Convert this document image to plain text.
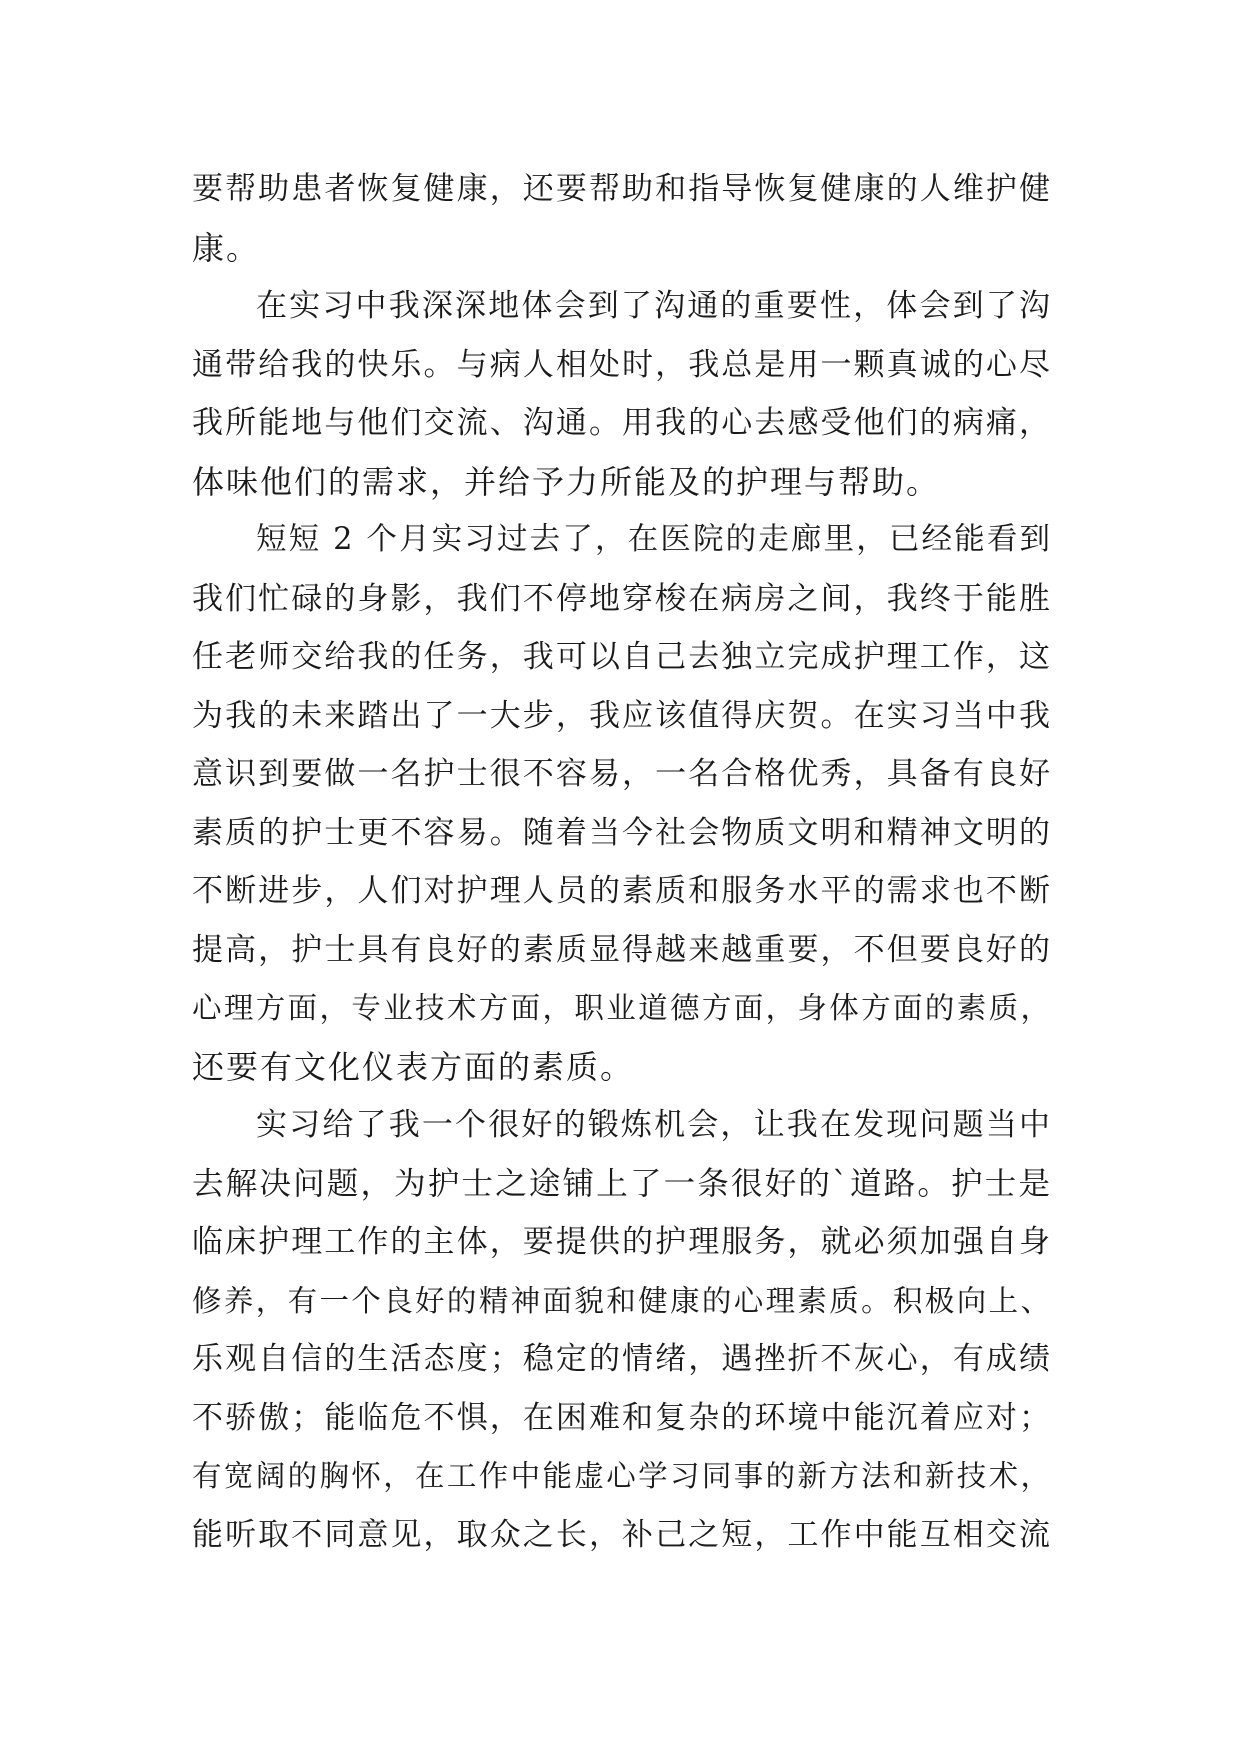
要帮助患者恢复健康，还要帮助和指导恢复健康的人维护健
康。
在实习中我深深地体会到了沟通的重要性，体会到了沟
通带给我的快乐。与病人相处时，我总是用一颗真诚的心尽
我所能地与他们交流、沟通。用我的心去感受他们的病痛，
体味他们的需求，并给予力所能及的护理与帮助。
短短 2 个月实习过去了，在医院的走廊里，已经能看到
我们忙碌的身影，我们不停地穿梭在病房之间，我终于能胜
任老师交给我的任务，我可以自己去独立完成护理工作，这
为我的未来踏出了一大步，我应该值得庆贺。在实习当中我
意识到要做一名护士很不容易，一名合格优秀，具备有良好
素质的护士更不容易。随着当今社会物质文明和精神文明的
不断进步，人们对护理人员的素质和服务水平的需求也不断
提高，护士具有良好的素质显得越来越重要，不但要良好的
心理方面，专业技术方面，职业道德方面，身体方面的素质，
还要有文化仪表方面的素质。
实习给了我一个很好的锻炼机会，让我在发现问题当中
去解决问题，为护士之途铺上了一条很好的`道路。护士是
临床护理工作的主体，要提供的护理服务，就必须加强自身
修养，有一个良好的精神面貌和健康的心理素质。积极向上、
乐观自信的生活态度；稳定的情绪，遇挫折不灰心，有成绩
不骄傲；能临危不惧，在困难和复杂的环境中能沉着应对；
有宽阔的胸怀，在工作中能虚心学习同事的新方法和新技术，
能听取不同意见，取众之长，补己之短，工作中能互相交流
